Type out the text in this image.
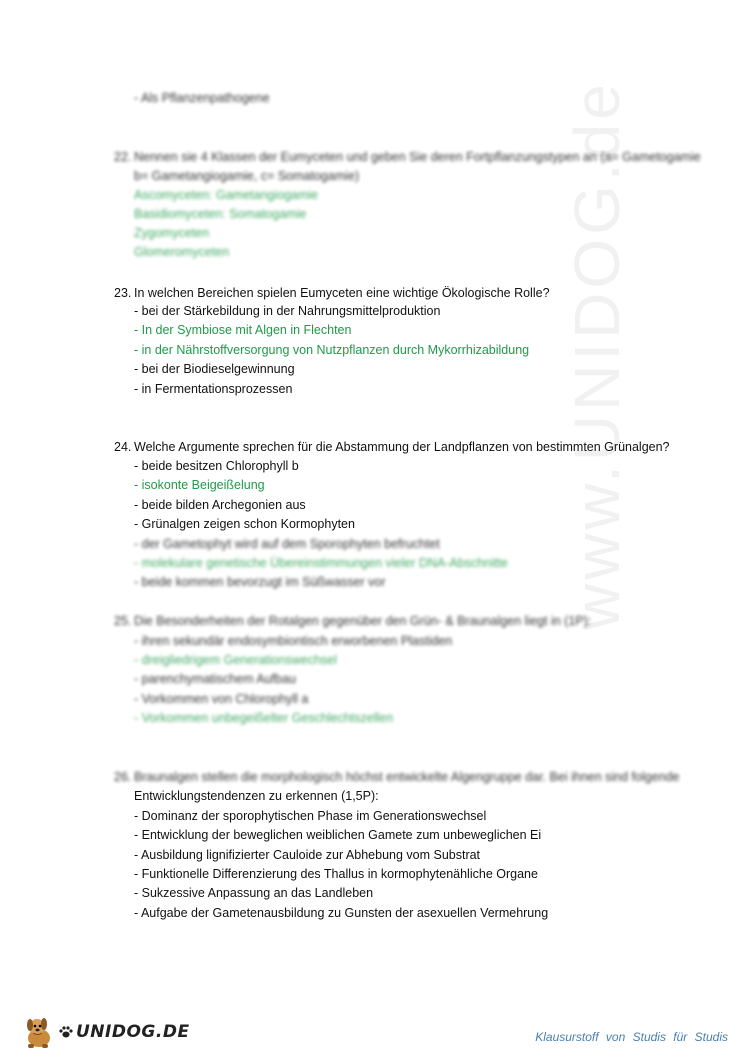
www.UNIDOG.de
- Als Pflanzenpathogene
22. Nennen sie 4 Klassen der Eumyceten und geben Sie deren Fortpflanzungstypen an (a= Gametogamie
b= Gametangiogamie, c= Somatogamie)
Ascomyceten: Gametangiogamie
Basidiomyceten: Somatogamie
Zygomyceten
Glomeromyceten
23. In welchen Bereichen spielen Eumyceten eine wichtige Ökologische Rolle?
- bei der Stärkebildung in der Nahrungsmittelproduktion
- In der Symbiose mit Algen in Flechten
- in der Nährstoffversorgung von Nutzpflanzen durch Mykorrhizabildung
- bei der Biodieselgewinnung
- in Fermentationsprozessen
24. Welche Argumente sprechen für die Abstammung der Landpflanzen von bestimmten Grünalgen?
- beide besitzen Chlorophyll b
- isokonte Beigeißelung
- beide bilden Archegonien aus
- Grünalgen zeigen schon Kormophyten
- der Gametophyt wird auf dem Sporophyten befruchtet
- molekulare genetische Übereinstimmungen vieler DNA-Abschnitte
- beide kommen bevorzugt im Süßwasser vor
25. Die Besonderheiten der Rotalgen gegenüber den Grün- & Braunalgen liegt in (1P):
- ihren sekundär endosymbiontisch erworbenen Plastiden
- dreigliedrigem Generationswechsel
- parenchymatischem Aufbau
- Vorkommen von Chlorophyll a
- Vorkommen unbegeißelter Geschlechtszellen
26. Braunalgen stellen die morphologisch höchst entwickelte Algengruppe dar. Bei ihnen sind folgende
Entwicklungstendenzen zu erkennen (1,5P):
- Dominanz der sporophytischen Phase im Generationswechsel
- Entwicklung der beweglichen weiblichen Gamete zum unbeweglichen Ei
- Ausbildung lignifizierter Cauloide zur Abhebung vom Substrat
- Funktionelle Differenzierung des Thallus in kormophytenähliche Organe
- Sukzessive Anpassung an das Landleben
- Aufgabe der Gametenausbildung zu Gunsten der asexuellen Vermehrung
UNIDOG.DE	Klausurstoff von Studis für Studis
